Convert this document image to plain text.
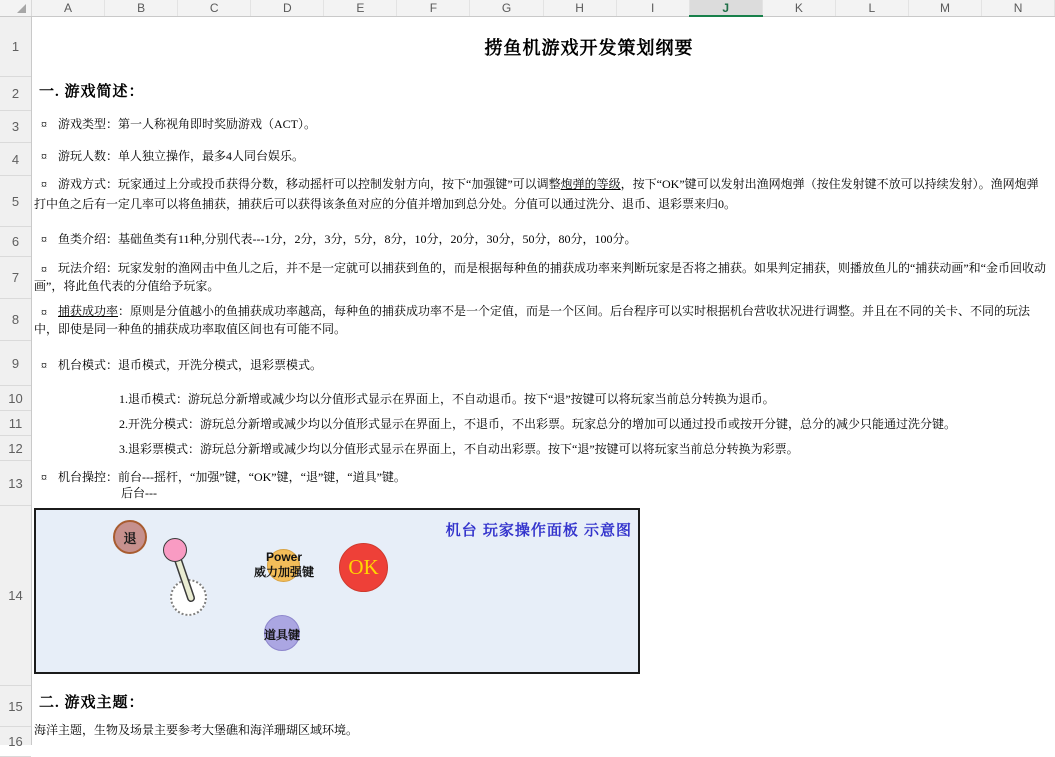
A	B	C	D	E	F	G	H	I	J	K	L	M	N
1
2
3
4
5
6
7
8
9
10
11
12
13
14
15
16
捞鱼机游戏开发策划纲要
一. 游戏简述：
¤ 游戏类型：第一人称视角即时奖励游戏（ACT）。
¤ 游玩人数：单人独立操作，最多4人同台娱乐。
¤ 游戏方式：玩家通过上分或投币获得分数，移动摇杆可以控制发射方向，按下“加强键”可以调整炮弹的等级，按下“OK”键可以发射出渔网炮弹（按住发射键不放可以持续发射）。渔网炮弹打中鱼之后有一定几率可以将鱼捕获，捕获后可以获得该条鱼对应的分值并增加到总分处。分值可以通过洗分、退币、退彩票来归0。
¤ 鱼类介绍：基础鱼类有11种,分别代表---1分，2分，3分，5分，8分，10分，20分，30分，50分，80分，100分。
¤ 玩法介绍：玩家发射的渔网击中鱼儿之后，并不是一定就可以捕获到鱼的，而是根据每种鱼的捕获成功率来判断玩家是否将之捕获。如果判定捕获，则播放鱼儿的“捕获动画”和“金币回收动画”，将此鱼代表的分值给予玩家。
¤ 捕获成功率：原则是分值越小的鱼捕获成功率越高，每种鱼的捕获成功率不是一个定值，而是一个区间。后台程序可以实时根据机台营收状况进行调整。并且在不同的关卡、不同的玩法中，即使是同一种鱼的捕获成功率取值区间也有可能不同。
¤ 机台模式：退币模式，开洗分模式，退彩票模式。
1.退币模式：游玩总分新增或减少均以分值形式显示在界面上，不自动退币。按下“退”按键可以将玩家当前总分转换为退币。
2.开洗分模式：游玩总分新增或减少均以分值形式显示在界面上，不退币，不出彩票。玩家总分的增加可以通过投币或按开分键，总分的减少只能通过洗分键。
3.退彩票模式：游玩总分新增或减少均以分值形式显示在界面上，不自动出彩票。按下“退”按键可以将玩家当前总分转换为彩票。
¤ 机台操控：前台---摇杆，“加强”键，“OK”键，“退”键，“道具”键。
后台---
机台 玩家操作面板 示意图
退
Power
威力加强键	OK
道具键
二. 游戏主题：
海洋主题，生物及场景主要参考大堡礁和海洋珊瑚区域环境。
